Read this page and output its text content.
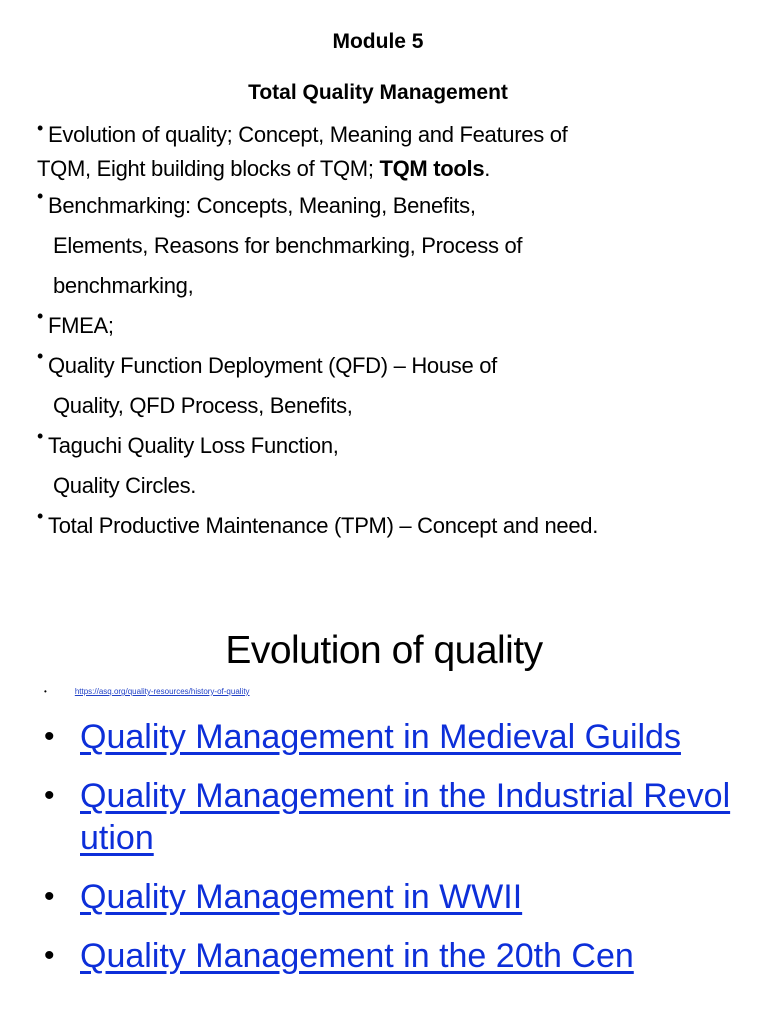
Module 5
Total Quality Management
• Evolution of quality; Concept, Meaning and Features of
TQM, Eight building blocks of TQM; TQM tools.
• Benchmarking: Concepts, Meaning, Benefits,
Elements, Reasons for benchmarking, Process of
benchmarking,
• FMEA;
• Quality Function Deployment (QFD) – House of
Quality, QFD Process, Benefits,
• Taguchi Quality Loss Function,
Quality Circles.
• Total Productive Maintenance (TPM) – Concept and need.
Evolution of quality
•	https://asq.org/quality-resources/history-of-quality
• Quality Management in Medieval Guilds
• Quality Management in the Industrial Revolution
• Quality Management in WWII
• Quality Management in the 20th Cen
